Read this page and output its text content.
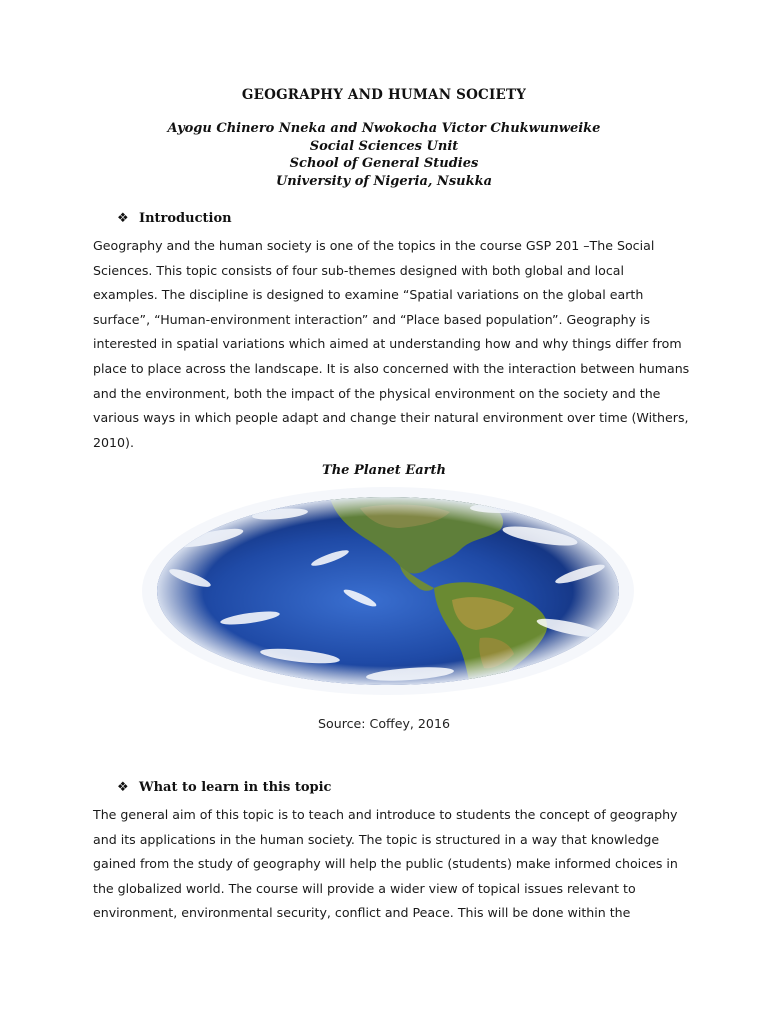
GEOGRAPHY AND HUMAN SOCIETY
Ayogu Chinero Nneka and Nwokocha Victor Chukwunweike
Social Sciences Unit
School of General Studies
University of Nigeria, Nsukka
❖ Introduction
Geography and the human society is one of the topics in the course GSP 201 –The Social
Sciences. This topic consists of four sub-themes designed with both global and local
examples. The discipline is designed to examine “Spatial variations on the global earth
surface”, “Human-environment interaction” and “Place based population”. Geography is
interested in spatial variations which aimed at understanding how and why things differ from
place to place across the landscape. It is also concerned with the interaction between humans
and the environment, both the impact of the physical environment on the society and the
various ways in which people adapt and change their natural environment over time (Withers,
2010).
The Planet Earth
Source: Coffey, 2016
❖ What to learn in this topic
The general aim of this topic is to teach and introduce to students the concept of geography
and its applications in the human society. The topic is structured in a way that knowledge
gained from the study of geography will help the public (students) make informed choices in
the globalized world. The course will provide a wider view of topical issues relevant to
environment, environmental security, conflict and Peace. This will be done within the
